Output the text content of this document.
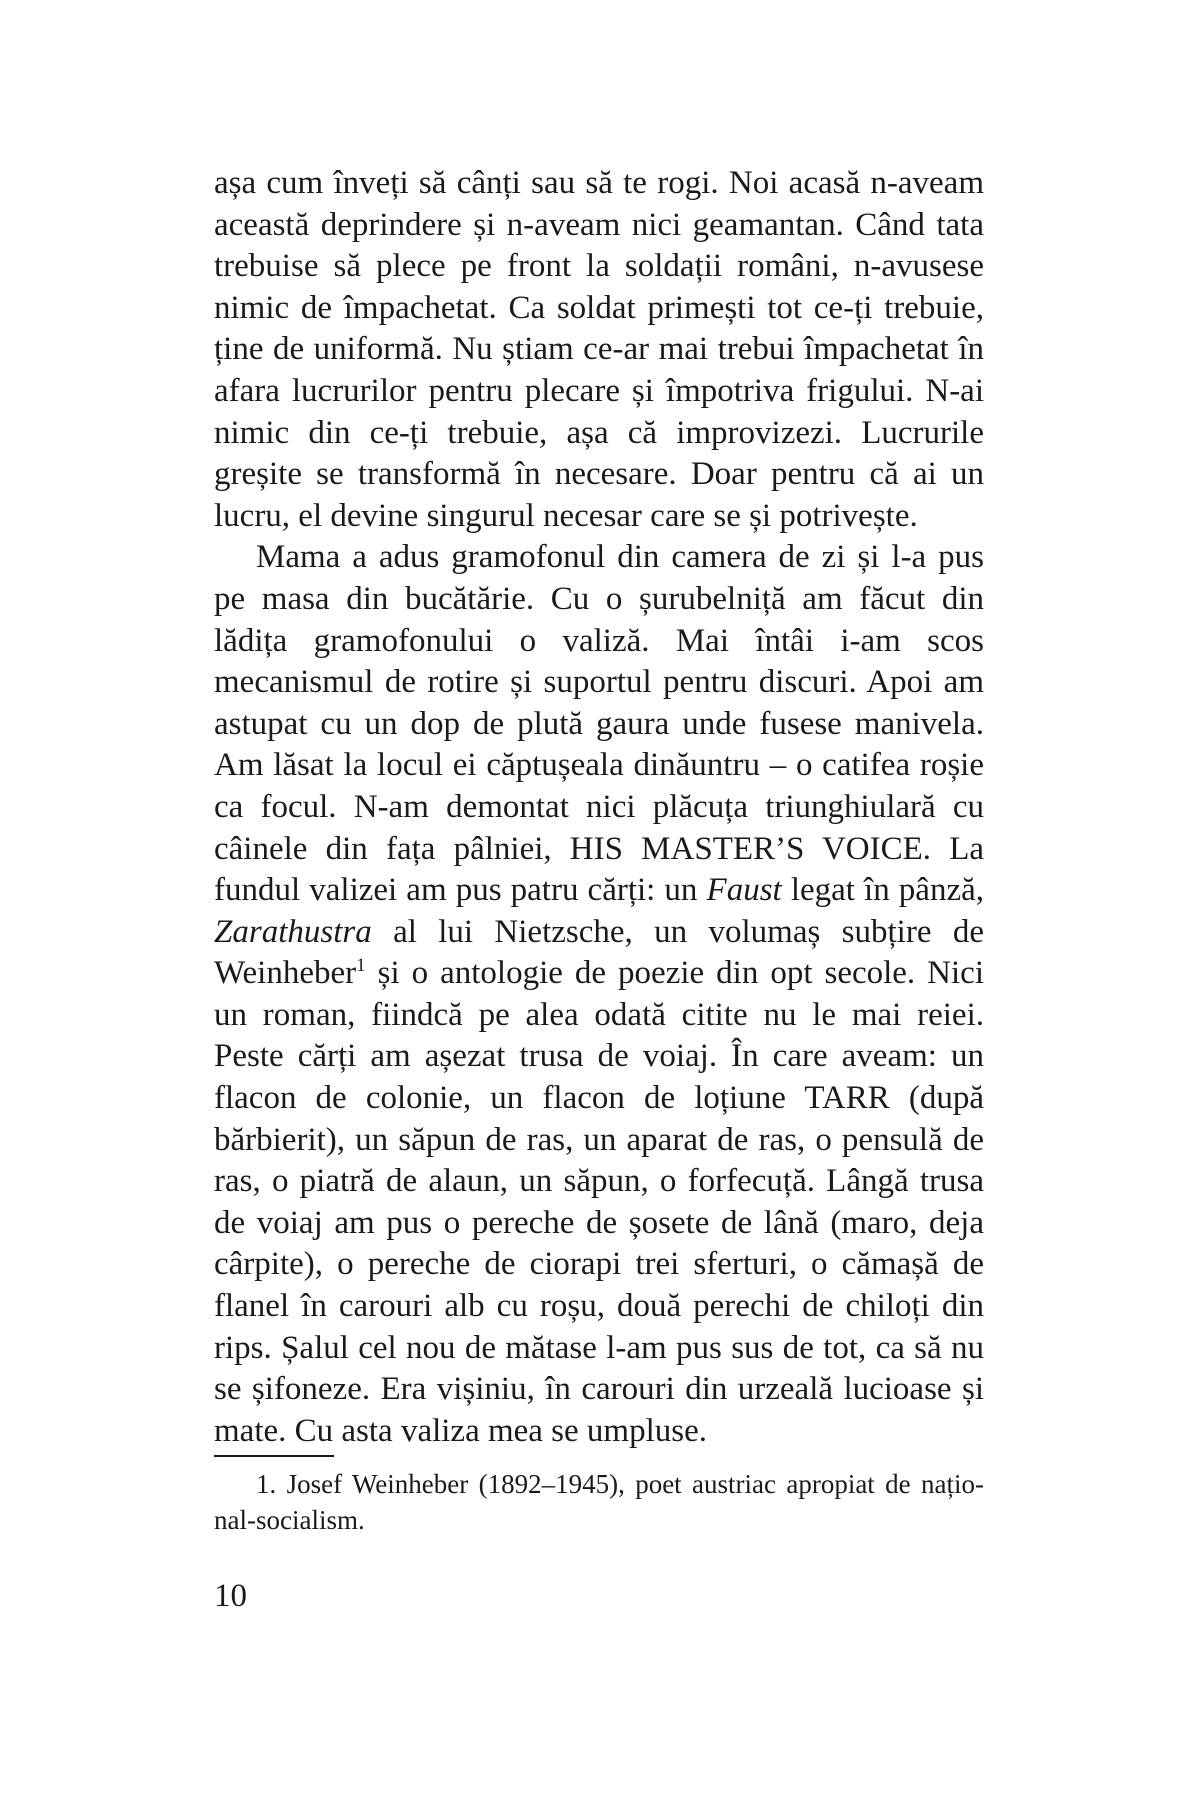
așa cum înveți să cânți sau să te rogi. Noi acasă n-aveam această deprindere și n-aveam nici geamantan. Când tata trebuise să plece pe front la soldații români, n-avusese nimic de împachetat. Ca soldat primești tot ce-ți trebuie, ține de uniformă. Nu știam ce-ar mai trebui împachetat în afara lucrurilor pentru plecare și împotriva frigului. N-ai nimic din ce-ți trebuie, așa că improvizezi. Lucrurile greșite se transformă în necesare. Doar pentru că ai un lucru, el devine singurul necesar care se și potrivește.

Mama a adus gramofonul din camera de zi și l-a pus pe masa din bucătărie. Cu o șurubelniță am făcut din lădița gramofonului o valiză. Mai întâi i-am scos mecanismul de rotire și suportul pentru discuri. Apoi am astupat cu un dop de plută gaura unde fusese manivela. Am lăsat la locul ei căptușeala dinăuntru – o catifea roșie ca focul. N-am demontat nici plăcuța triunghiulară cu câinele din fața pâlniei, HIS MASTER’S VOICE. La fundul valizei am pus patru cărți: un Faust legat în pânză, Zarathustra al lui Nietzsche, un volumaș subțire de Weinheber$^1$ și o antologie de poezie din opt secole. Nici un roman, fiindcă pe alea odată citite nu le mai reiei. Peste cărți am așezat trusa de voiaj. În care aveam: un flacon de colonie, un flacon de loțiune TARR (după bărbierit), un săpun de ras, un aparat de ras, o pensulă de ras, o piatră de alaun, un săpun, o forfecuță. Lângă trusa de voiaj am pus o pereche de șosete de lână (maro, deja cârpite), o pereche de ciorapi trei sferturi, o cămașă de flanel în carouri alb cu roșu, două perechi de chiloți din rips. Șalul cel nou de mătase l-am pus sus de tot, ca să nu se șifoneze. Era vișiniu, în carouri din urzeală lucioase și mate. Cu asta valiza mea se umpluse.

1. Josef Weinheber (1892–1945), poet austriac apropiat de național-socialism.

10
